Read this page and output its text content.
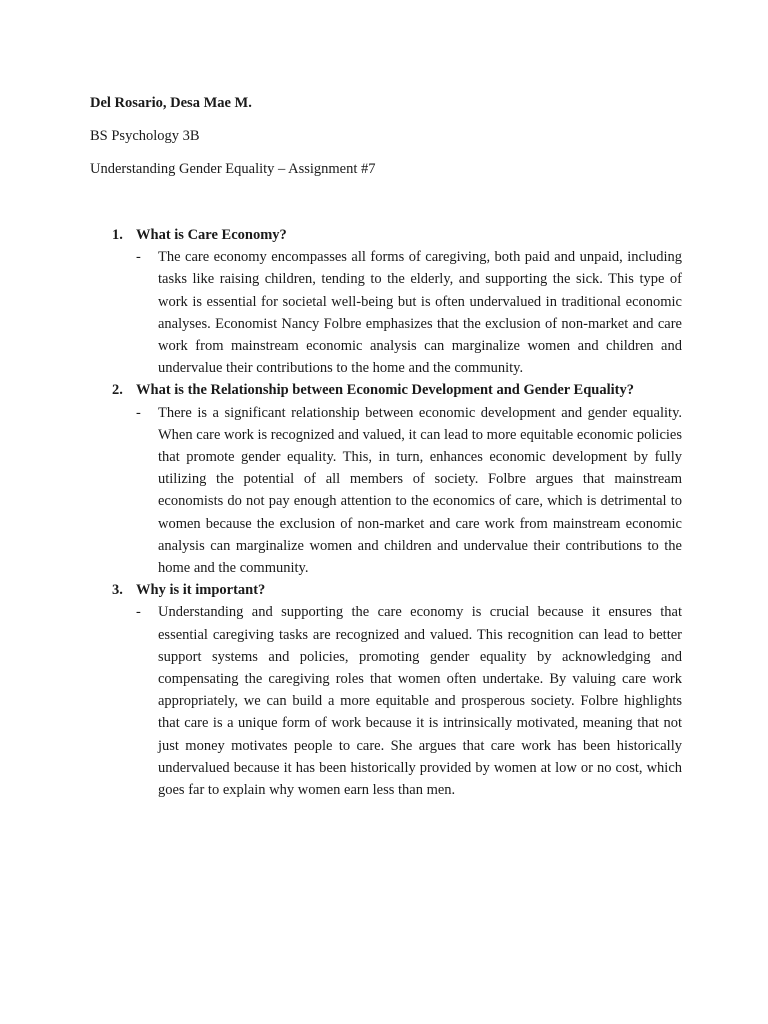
Del Rosario, Desa Mae M.
BS Psychology 3B
Understanding Gender Equality – Assignment #7
1. What is Care Economy?
- The care economy encompasses all forms of caregiving, both paid and unpaid, including tasks like raising children, tending to the elderly, and supporting the sick. This type of work is essential for societal well-being but is often undervalued in traditional economic analyses. Economist Nancy Folbre emphasizes that the exclusion of non-market and care work from mainstream economic analysis can marginalize women and children and undervalue their contributions to the home and the community.
2. What is the Relationship between Economic Development and Gender Equality?
- There is a significant relationship between economic development and gender equality. When care work is recognized and valued, it can lead to more equitable economic policies that promote gender equality. This, in turn, enhances economic development by fully utilizing the potential of all members of society. Folbre argues that mainstream economists do not pay enough attention to the economics of care, which is detrimental to women because the exclusion of non-market and care work from mainstream economic analysis can marginalize women and children and undervalue their contributions to the home and the community.
3. Why is it important?
- Understanding and supporting the care economy is crucial because it ensures that essential caregiving tasks are recognized and valued. This recognition can lead to better support systems and policies, promoting gender equality by acknowledging and compensating the caregiving roles that women often undertake. By valuing care work appropriately, we can build a more equitable and prosperous society. Folbre highlights that care is a unique form of work because it is intrinsically motivated, meaning that not just money motivates people to care. She argues that care work has been historically undervalued because it has been historically provided by women at low or no cost, which goes far to explain why women earn less than men.
